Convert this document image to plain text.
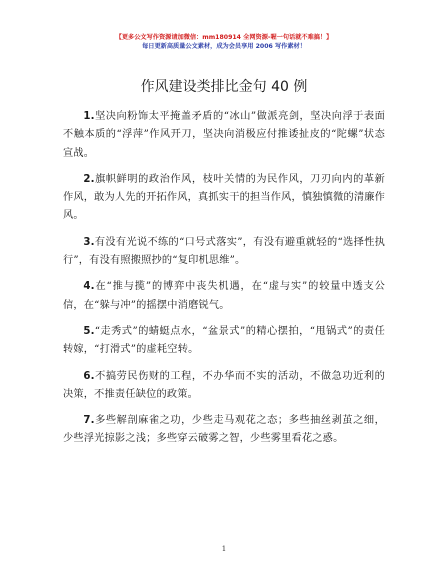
【更多公文写作资源请加微信：mm180914 全网资源-喔一句话就不难搞！】
每日更新高质量公文素材，成为会员享用 2006 写作素材！
作风建设类排比金句 40 例

1.坚决向粉饰太平掩盖矛盾的“冰山”做派亮剑，坚决向浮于表面不触本质的“浮萍”作风开刀，坚决向消极应付推诿扯皮的“陀螺”状态宣战。

2.旗帜鲜明的政治作风，枝叶关情的为民作风，刀刃向内的革新作风，敢为人先的开拓作风，真抓实干的担当作风，慎独慎微的清廉作风。

3.有没有光说不练的“口号式落实”，有没有避重就轻的“选择性执行”，有没有照搬照抄的“复印机思维”。

4.在“推与揽”的博弈中丧失机遇，在“虚与实”的较量中透支公信，在“躲与冲”的摇摆中消磨锐气。

5.“走秀式”的蜻蜓点水，“盆景式”的精心摆拍，“甩锅式”的责任转嫁，“打滑式”的虚耗空转。

6.不搞劳民伤财的工程，不办华而不实的活动，不做急功近利的决策，不推责任缺位的政策。

7.多些解剖麻雀之功，少些走马观花之态；多些抽丝剥茧之细，少些浮光掠影之浅；多些穿云破雾之智，少些雾里看花之惑。

1
